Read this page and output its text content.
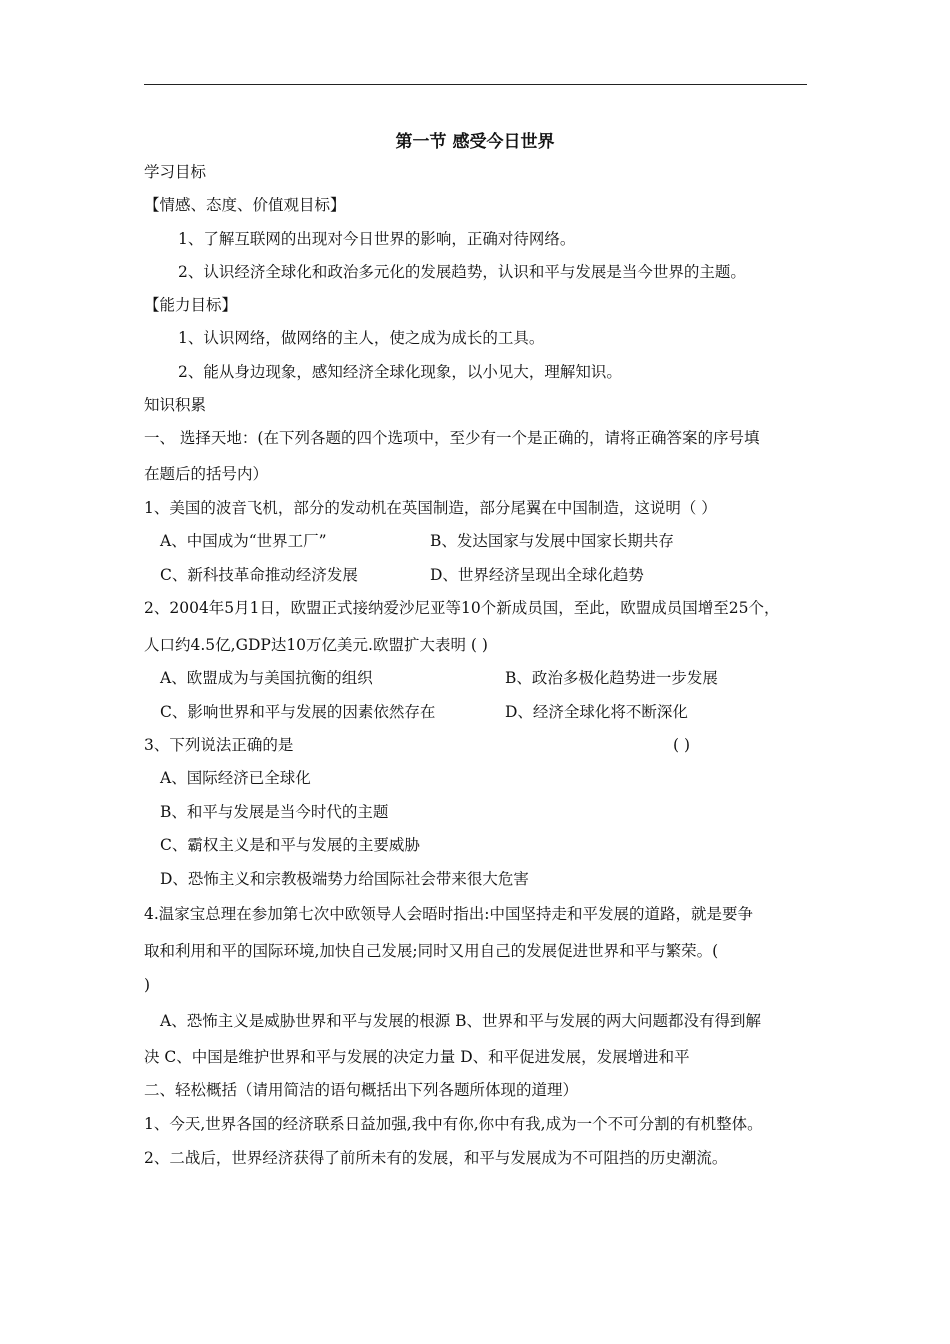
第一节 感受今日世界
学习目标
【情感、态度、价值观目标】
1、了解互联网的出现对今日世界的影响，正确对待网络。
2、认识经济全球化和政治多元化的发展趋势，认识和平与发展是当今世界的主题。
【能力目标】
1、认识网络，做网络的主人，使之成为成长的工具。
2、能从身边现象，感知经济全球化现象，以小见大，理解知识。
知识积累
一、 选择天地：(在下列各题的四个选项中，至少有一个是正确的，请将正确答案的序号填
在题后的括号内）
1、美国的波音飞机，部分的发动机在英国制造，部分尾翼在中国制造，这说明（ ）
A、中国成为“世界工厂”	B、发达国家与发展中国家长期共存
C、新科技革命推动经济发展	D、世界经济呈现出全球化趋势
2、2004年5月1日，欧盟正式接纳爱沙尼亚等10个新成员国，至此，欧盟成员国增至25个，
人口约4.5亿,GDP达10万亿美元.欧盟扩大表明 ( )
A、欧盟成为与美国抗衡的组织	B、政治多极化趋势进一步发展
C、影响世界和平与发展的因素依然存在	D、经济全球化将不断深化
3、下列说法正确的是	( )
A、国际经济已全球化
B、和平与发展是当今时代的主题
C、霸权主义是和平与发展的主要威胁
D、恐怖主义和宗教极端势力给国际社会带来很大危害
4.温家宝总理在参加第七次中欧领导人会晤时指出:中国坚持走和平发展的道路，就是要争
取和利用和平的国际环境,加快自己发展;同时又用自己的发展促进世界和平与繁荣。(
)
A、恐怖主义是威胁世界和平与发展的根源 B、世界和平与发展的两大问题都没有得到解
决 C、中国是维护世界和平与发展的决定力量 D、和平促进发展，发展增进和平
二、轻松概括（请用简洁的语句概括出下列各题所体现的道理）
1、今天,世界各国的经济联系日益加强,我中有你,你中有我,成为一个不可分割的有机整体。
2、二战后，世界经济获得了前所未有的发展，和平与发展成为不可阻挡的历史潮流。
